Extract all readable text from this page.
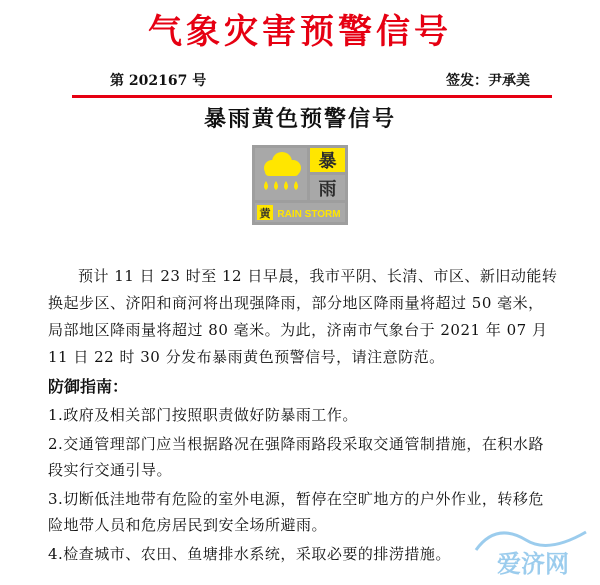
气象灾害预警信号
第 202167 号	签发：尹承美
暴雨黄色预警信号
暴
雨
黄 RAIN STORM
预计 11 日 23 时至 12 日早晨，我市平阴、长清、市区、新旧动能转换起步区、济阳和商河将出现强降雨，部分地区降雨量将超过 50 毫米，局部地区降雨量将超过 80 毫米。为此，济南市气象台于 2021 年 07 月 11 日 22 时 30 分发布暴雨黄色预警信号，请注意防范。
防御指南：
1.政府及相关部门按照职责做好防暴雨工作。
2.交通管理部门应当根据路况在强降雨路段采取交通管制措施，在积水路段实行交通引导。
3.切断低洼地带有危险的室外电源，暂停在空旷地方的户外作业，转移危险地带人员和危房居民到安全场所避雨。
4.检查城市、农田、鱼塘排水系统，采取必要的排涝措施。	爱济网
